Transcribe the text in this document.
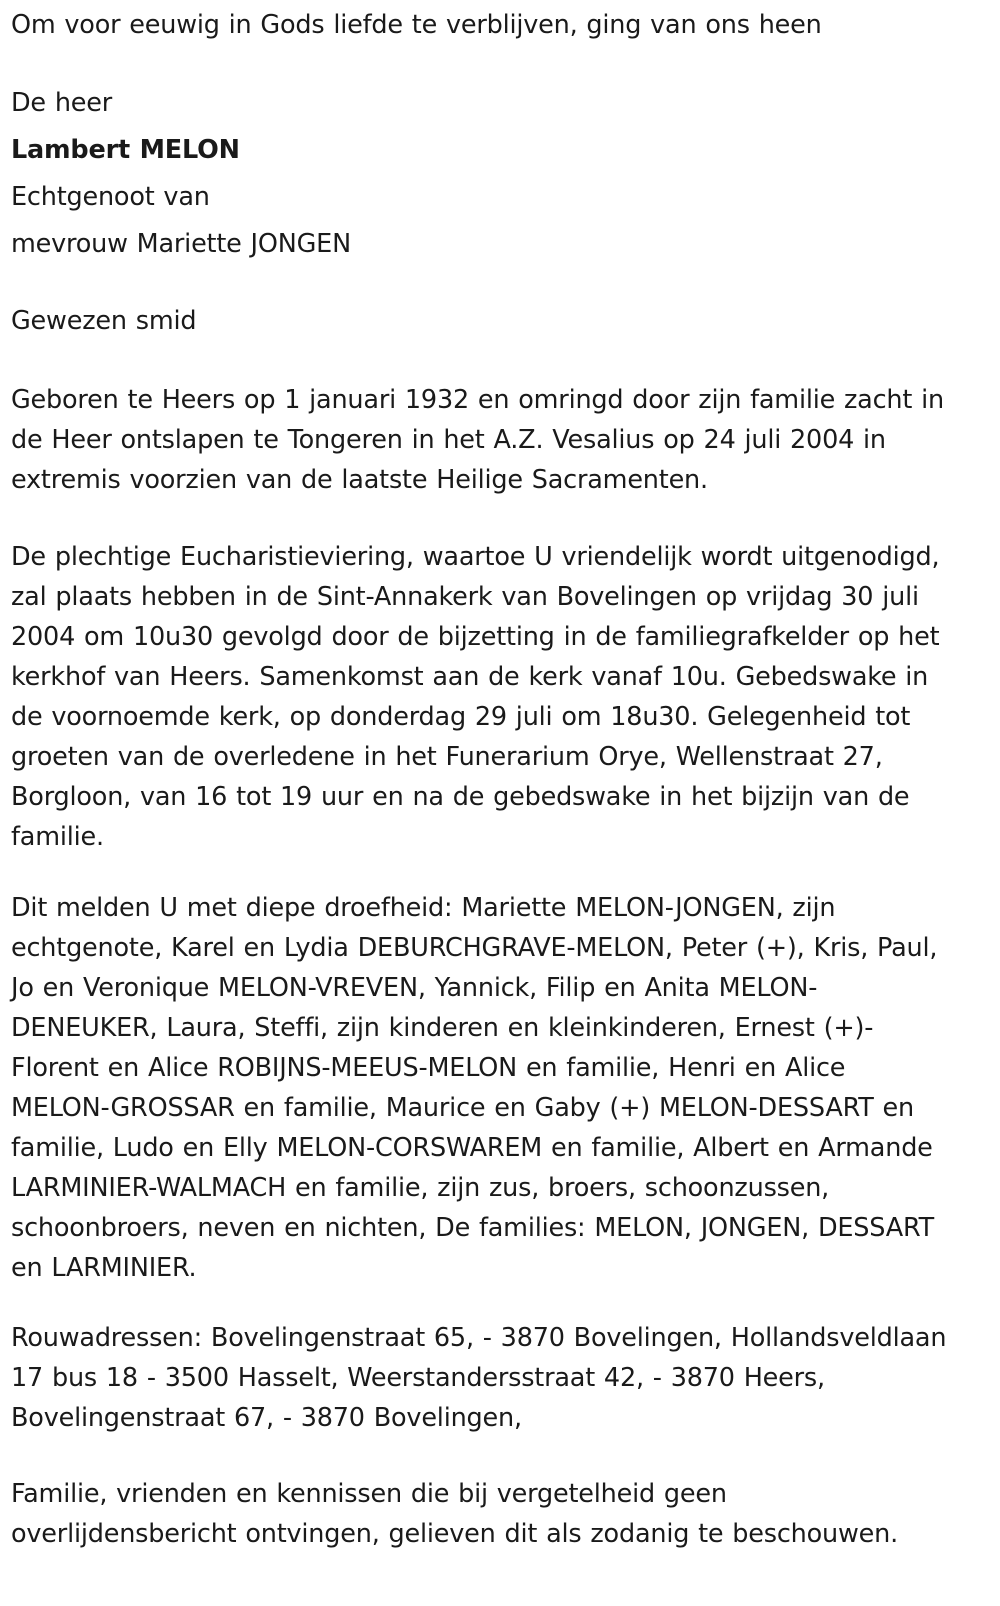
Om voor eeuwig in Gods liefde te verblijven, ging van ons heen

De heer

Lambert MELON

Echtgenoot van

mevrouw Mariette JONGEN

Gewezen smid

Geboren te Heers op 1 januari 1932 en omringd door zijn familie zacht in
de Heer ontslapen te Tongeren in het A.Z. Vesalius op 24 juli 2004 in
extremis voorzien van de laatste Heilige Sacramenten.
De plechtige Eucharistieviering, waartoe U vriendelijk wordt uitgenodigd,
zal plaats hebben in de Sint-Annakerk van Bovelingen op vrijdag 30 juli
2004 om 10u30 gevolgd door de bijzetting in de familiegrafkelder op het
kerkhof van Heers. Samenkomst aan de kerk vanaf 10u. Gebedswake in
de voornoemde kerk, op donderdag 29 juli om 18u30. Gelegenheid tot
groeten van de overledene in het Funerarium Orye, Wellenstraat 27,
Borgloon, van 16 tot 19 uur en na de gebedswake in het bijzijn van de
familie.
Dit melden U met diepe droefheid: Mariette MELON-JONGEN, zijn
echtgenote, Karel en Lydia DEBURCHGRAVE-MELON, Peter (+), Kris, Paul,
Jo en Veronique MELON-VREVEN, Yannick, Filip en Anita MELON-
DENEUKER, Laura, Steffi, zijn kinderen en kleinkinderen, Ernest (+)-
Florent en Alice ROBIJNS-MEEUS-MELON en familie, Henri en Alice
MELON-GROSSAR en familie, Maurice en Gaby (+) MELON-DESSART en
familie, Ludo en Elly MELON-CORSWAREM en familie, Albert en Armande
LARMINIER-WALMACH en familie, zijn zus, broers, schoonzussen,
schoonbroers, neven en nichten, De families: MELON, JONGEN, DESSART
en LARMINIER.
Rouwadressen: Bovelingenstraat 65, - 3870 Bovelingen, Hollandsveldlaan
17 bus 18 - 3500 Hasselt, Weerstandersstraat 42, - 3870 Heers,
Bovelingenstraat 67, - 3870 Bovelingen,
Familie, vrienden en kennissen die bij vergetelheid geen
overlijdensbericht ontvingen, gelieven dit als zodanig te beschouwen.
